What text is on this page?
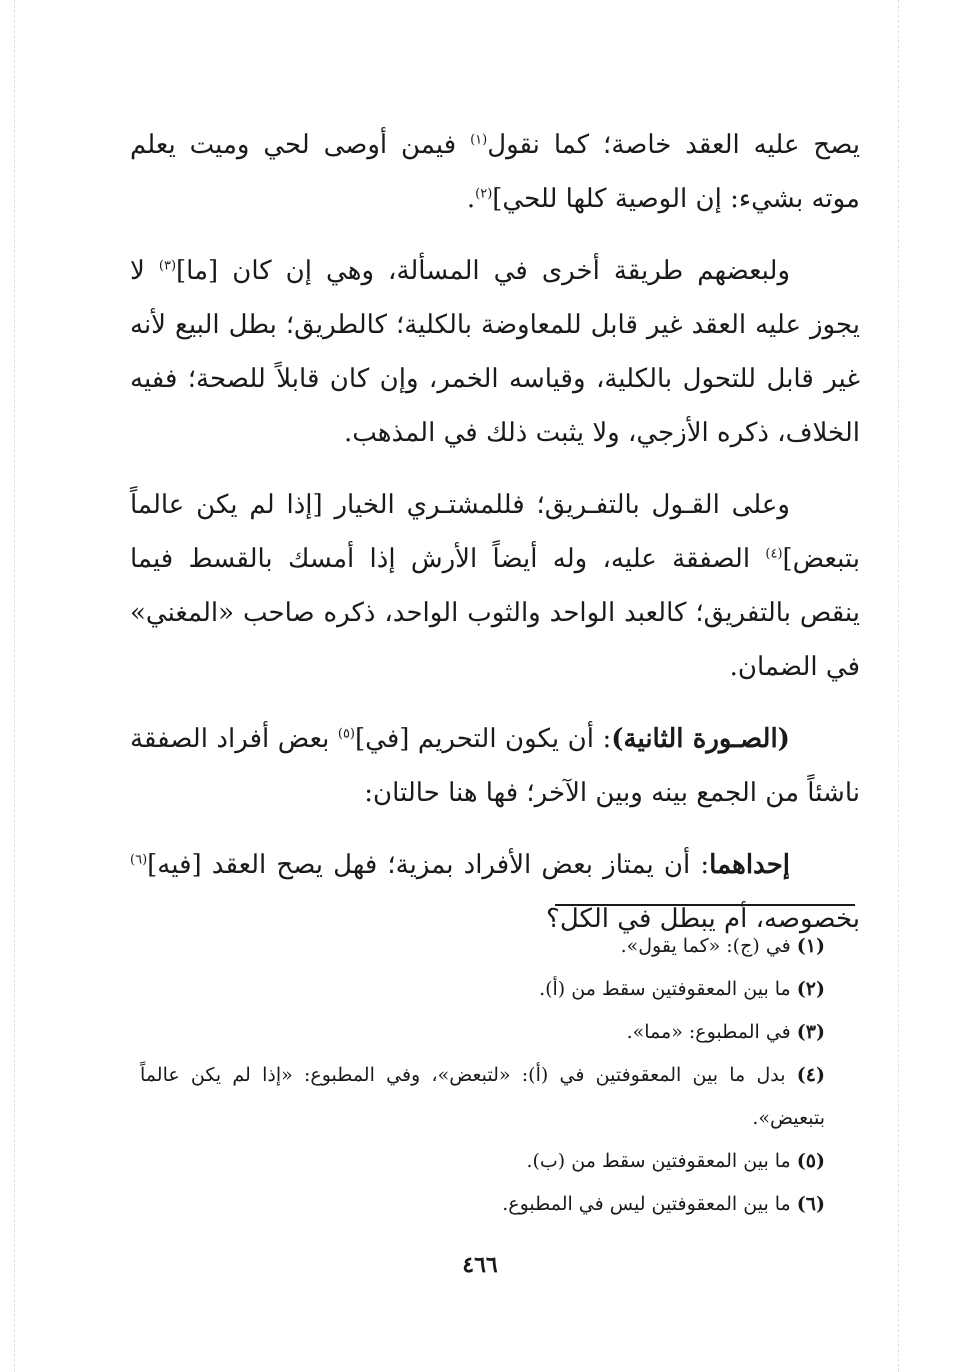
يصح عليه العقد خاصة؛ كما نقول$^{(١)}$ فيمن أوصى لحي وميت يعلم موته بشيء: إن الوصية كلها للحي]$^{(٢)}$.

ولبعضهم طريقة أخرى في المسألة، وهي إن كان [ما]$^{(٣)}$ لا يجوز عليه العقد غير قابل للمعاوضة بالكلية؛ كالطريق؛ بطل البيع لأنه غير قابل للتحول بالكلية، وقياسه الخمر، وإن كان قابلاً للصحة؛ ففيه الخلاف، ذكره الأزجي، ولا يثبت ذلك في المذهب.

وعلى القـول بالتفـريق؛ فللمشتـري الخيار [إذا لم يكن عالماً بتبعض]$^{(٤)}$ الصفقة عليه، وله أيضاً الأرش إذا أمسك بالقسط فيما ينقص بالتفريق؛ كالعبد الواحد والثوب الواحد، ذكره صاحب «المغني» في الضمان.

(الصـورة الثانية): أن يكون التحريم [في]$^{(٥)}$ بعض أفراد الصفقة ناشئاً من الجمع بينه وبين الآخر؛ فها هنا حالتان:

إحداهما: أن يمتاز بعض الأفراد بمزية؛ فهل يصح العقد [فيه]$^{(٦)}$ بخصوصه، أم يبطل في الكل؟

(١) في (ج): «كما يقول».

(٢) ما بين المعقوفتين سقط من (أ).

(٣) في المطبوع: «مما».

(٤) بدل ما بين المعقوفتين في (أ): «لتبعض»، وفي المطبوع: «إذا لم يكن عالماً بتبعيض».

(٥) ما بين المعقوفتين سقط من (ب).

(٦) ما بين المعقوفتين ليس في المطبوع.

٤٦٦
